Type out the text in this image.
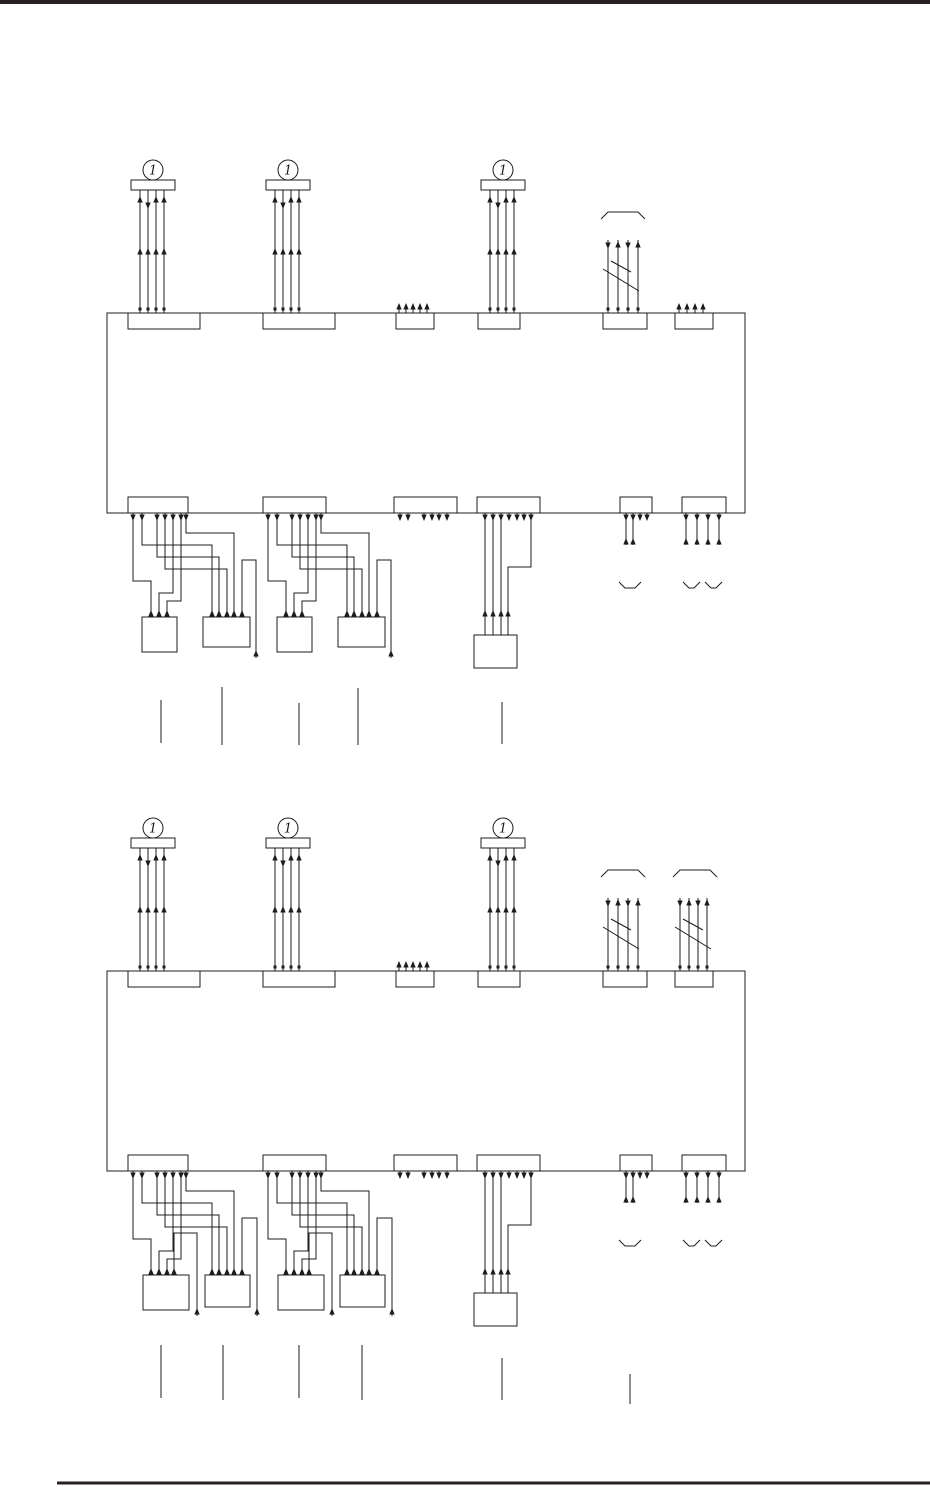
1	1	1
1	1	1
